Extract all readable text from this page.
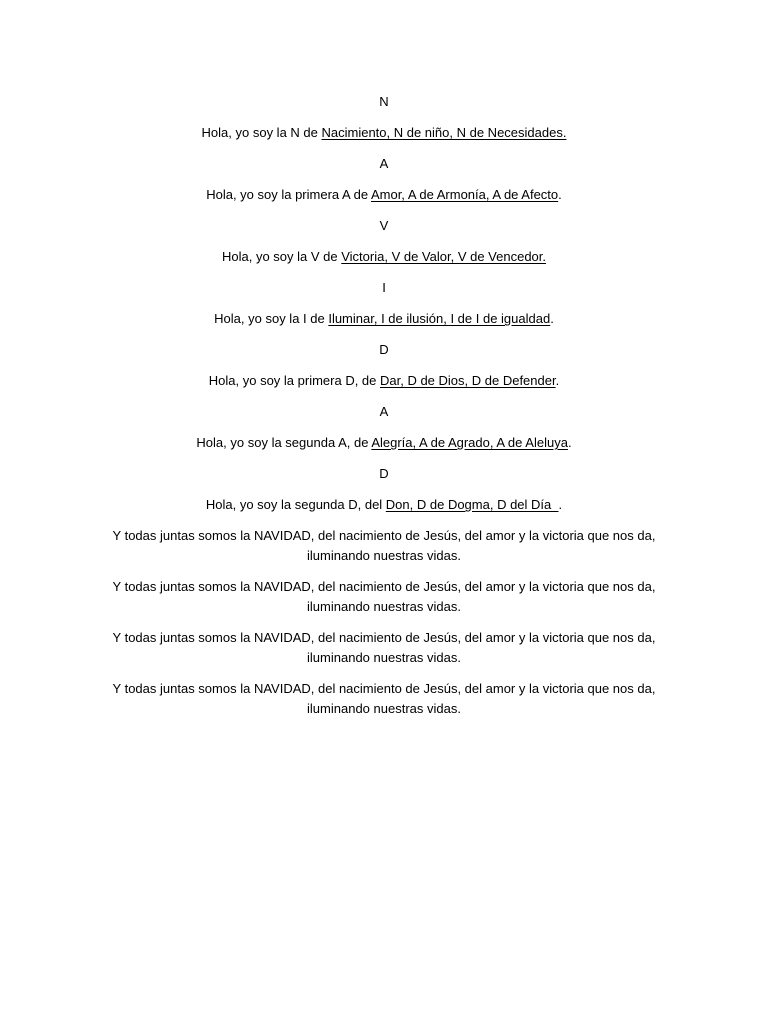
N
Hola, yo soy la N de Nacimiento, N de niño, N de Necesidades.
A
Hola, yo soy la primera A de Amor, A de Armonía, A de Afecto.
V
Hola, yo soy la V de Victoria, V de Valor, V de Vencedor.
I
Hola, yo soy la I de Iluminar, I de ilusión, I de I de igualdad.
D
Hola, yo soy la primera D, de Dar, D de Dios, D de Defender.
A
Hola, yo soy la segunda A, de Alegría, A de Agrado, A de Aleluya.
D
Hola, yo soy la segunda D, del Don, D de Dogma, D del Día  .

Y todas juntas somos la NAVIDAD, del nacimiento de Jesús, del amor y la victoria que nos da, iluminando nuestras vidas.

Y todas juntas somos la NAVIDAD, del nacimiento de Jesús, del amor y la victoria que nos da, iluminando nuestras vidas.

Y todas juntas somos la NAVIDAD, del nacimiento de Jesús, del amor y la victoria que nos da, iluminando nuestras vidas.

Y todas juntas somos la NAVIDAD, del nacimiento de Jesús, del amor y la victoria que nos da, iluminando nuestras vidas.
